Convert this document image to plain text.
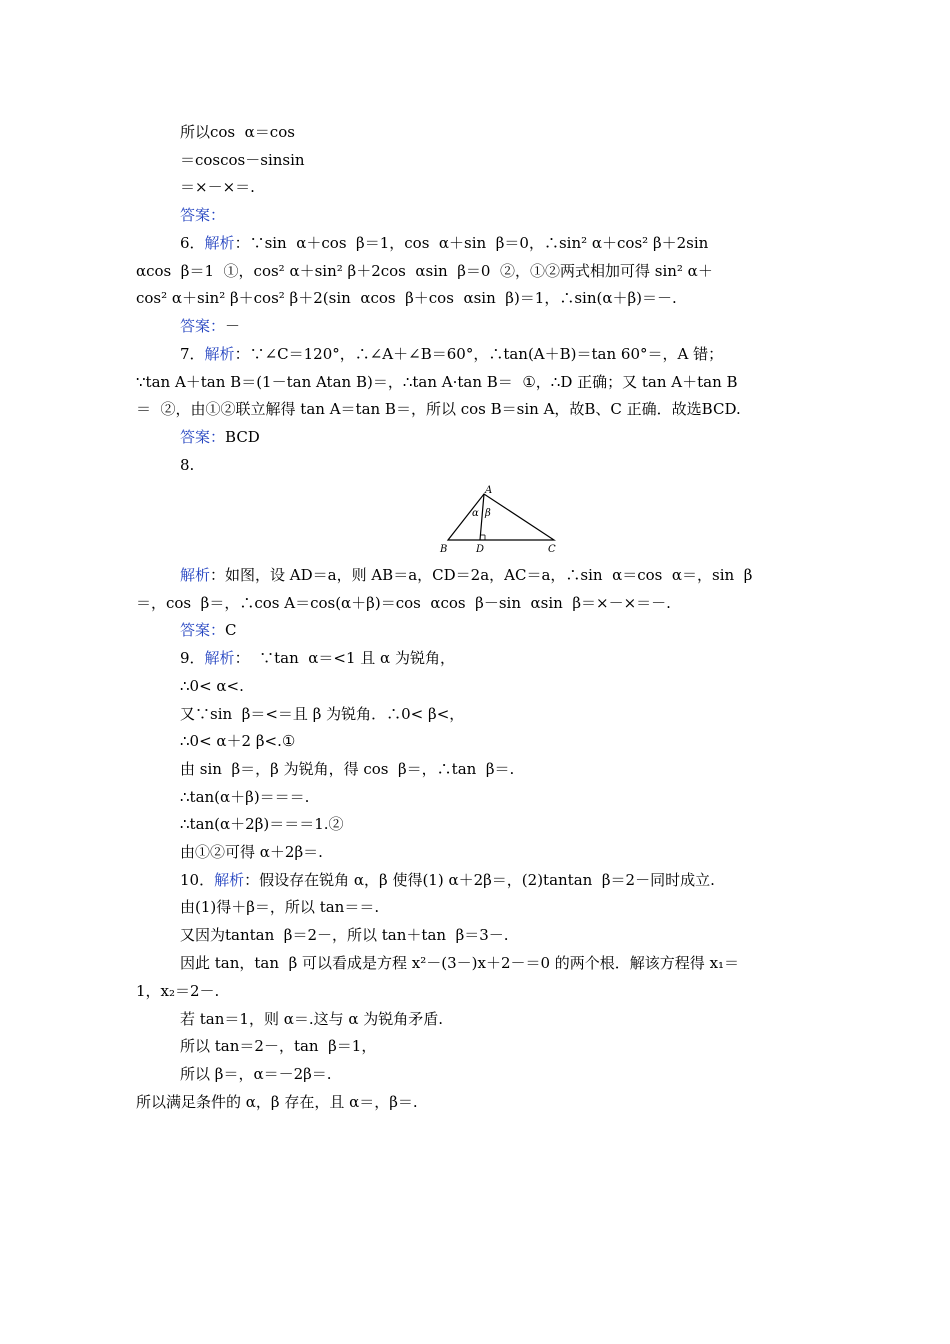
所以cos  α＝cos
＝coscos－sinsin
＝×－×＝.
答案：
6．解析：∵sin  α＋cos  β＝1，cos  α＋sin  β＝0，∴sin² α＋cos² β＋2sin
αcos  β＝1  ①，cos² α＋sin² β＋2cos  αsin  β＝0  ②，①②两式相加可得 sin² α＋
cos² α＋sin² β＋cos² β＋2(sin  αcos  β＋cos  αsin  β)＝1，∴sin(α＋β)＝－.
答案：－
7．解析：∵∠C＝120°，∴∠A＋∠B＝60°，∴tan(A＋B)＝tan 60°＝，A 错；
∵tan A＋tan B＝(1－tan Atan B)＝，∴tan A·tan B＝  ①，∴D 正确；又 tan A＋tan B
＝  ②，由①②联立解得 tan A＝tan B＝，所以 cos B＝sin A，故B、C 正确．故选BCD.
答案：BCD
8.
解析：如图，设 AD＝a，则 AB＝a，CD＝2a，AC＝a，∴sin  α＝cos  α＝，sin  β
＝，cos  β＝，∴cos A＝cos(α＋β)＝cos  αcos  β－sin  αsin  β＝×－×＝－.
答案：C
9．解析：  ∵tan  α＝<1 且 α 为锐角，
∴0< α<.
又∵sin  β＝<＝且 β 为锐角．∴0< β<，
∴0< α＋2 β<.①
由 sin  β＝，β 为锐角，得 cos  β＝，∴tan  β＝.
∴tan(α＋β)＝＝＝.
∴tan(α＋2β)＝＝＝1.②
由①②可得 α＋2β＝.
10．解析：假设存在锐角 α，β 使得(1) α＋2β＝，(2)tantan  β＝2－同时成立.
由(1)得＋β＝，所以 tan＝＝.
又因为tantan  β＝2－，所以 tan＋tan  β＝3－.
因此 tan，tan  β 可以看成是方程 x²－(3－)x＋2－＝0 的两个根．解该方程得 x₁＝
1，x₂＝2－.
若 tan＝1，则 α＝.这与 α 为锐角矛盾.
所以 tan＝2－，tan  β＝1，
所以 β＝，α＝－2β＝.
所以满足条件的 α，β 存在，且 α＝，β＝.
A
B	D	C
α β
